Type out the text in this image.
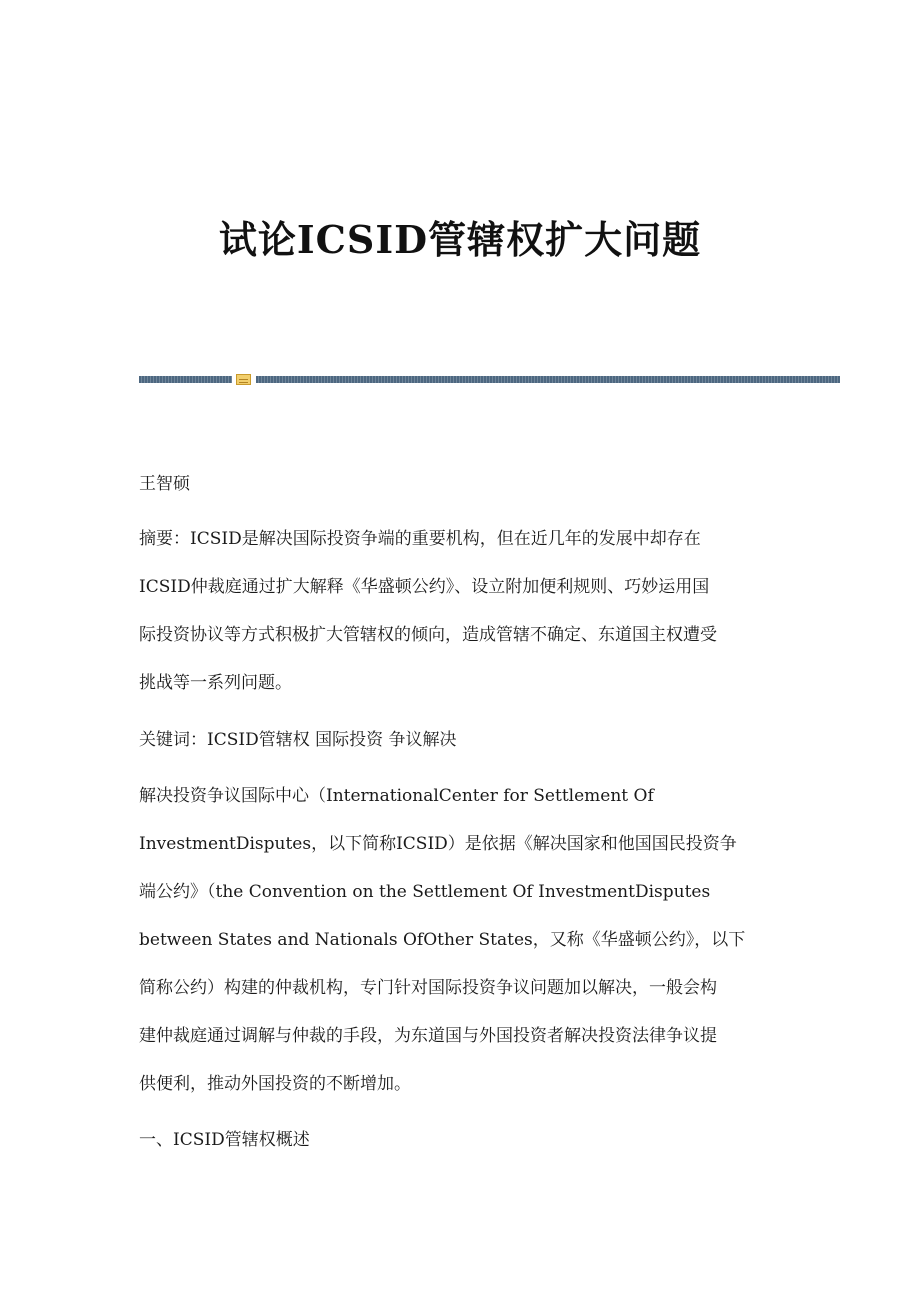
试论ICSID管辖权扩大问题
王智硕
摘要：ICSID是解决国际投资争端的重要机构，但在近几年的发展中却存在
ICSID仲裁庭通过扩大解释《华盛顿公约》、设立附加便利规则、巧妙运用国
际投资协议等方式积极扩大管辖权的倾向，造成管辖不确定、东道国主权遭受
挑战等一系列问题。
关键词：ICSID管辖权 国际投资 争议解决
解决投资争议国际中心（InternationalCenter for Settlement Of
InvestmentDisputes，以下简称ICSID）是依据《解决国家和他国国民投资争
端公约》（the Convention on the Settlement Of InvestmentDisputes
between States and Nationals OfOther States，又称《华盛顿公约》，以下
简称公约）构建的仲裁机构，专门针对国际投资争议问题加以解决，一般会构
建仲裁庭通过调解与仲裁的手段，为东道国与外国投资者解决投资法律争议提
供便利，推动外国投资的不断增加。
一、ICSID管辖权概述
